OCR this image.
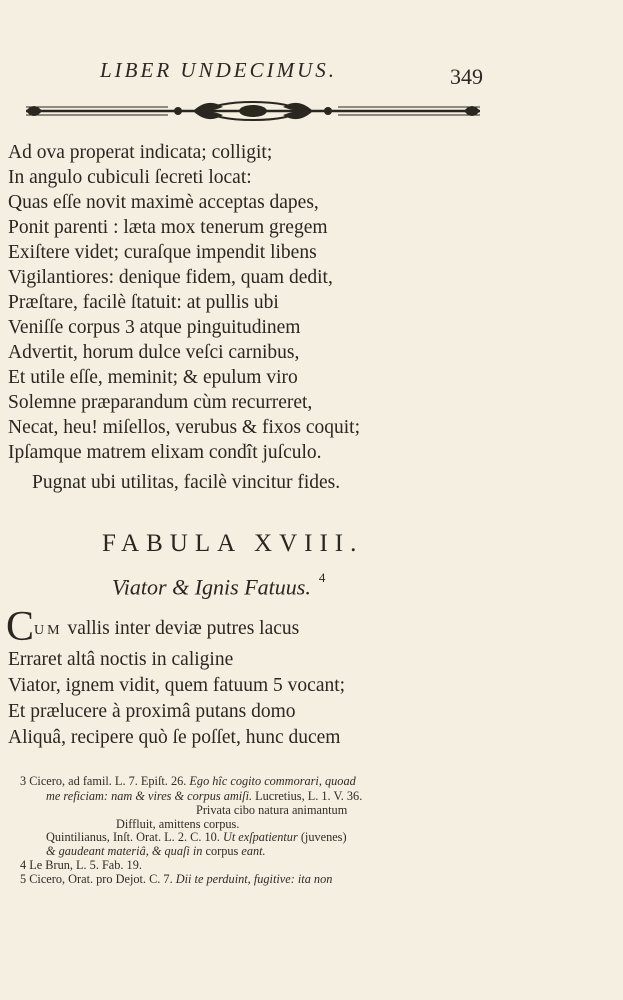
LIBER UNDECIMUS.	349
Ad ova properat indicata; colligit;
In angulo cubiculi ſecreti locat:
Quas eſſe novit maximè acceptas dapes,
Ponit parenti : læta mox tenerum gregem
Exiſtere videt; curaſque impendit libens
Vigilantiores: denique fidem, quam dedit,
Præſtare, facilè ſtatuit: at pullis ubi
Veniſſe corpus 3 atque pinguitudinem
Advertit, horum dulce veſci carnibus,
Et utile eſſe, meminit; & epulum viro
Solemne præparandum cùm recurreret,
Necat, heu! miſellos, verubus & fixos coquit;
Ipſamque matrem elixam condît juſculo.
Pugnat ubi utilitas, facilè vincitur fides.
FABULA XVIII.
Viator & Ignis Fatuus. $^4$
C UM vallis inter deviæ putres lacus
Erraret altâ noctis in caligine
Viator, ignem vidit, quem fatuum 5 vocant;
Et prælucere à proximâ putans domo
Aliquâ, recipere quò ſe poſſet, hunc ducem
3 Cicero, ad famil. L. 7. Epiſt. 26. Ego hîc cogito commorari, quoad
me reficiam: nam & vires & corpus amiſi. Lucretius, L. 1. V. 36.
Privata cibo natura animantum
Diffluit, amittens corpus.
Quintilianus, Inſt. Orat. L. 2. C. 10. Ut exſpatientur (juvenes)
& gaudeant materiâ, & quaſi in corpus eant.
4 Le Brun, L. 5. Fab. 19.
5 Cicero, Orat. pro Dejot. C. 7. Dii te perduint, fugitive: ita non
